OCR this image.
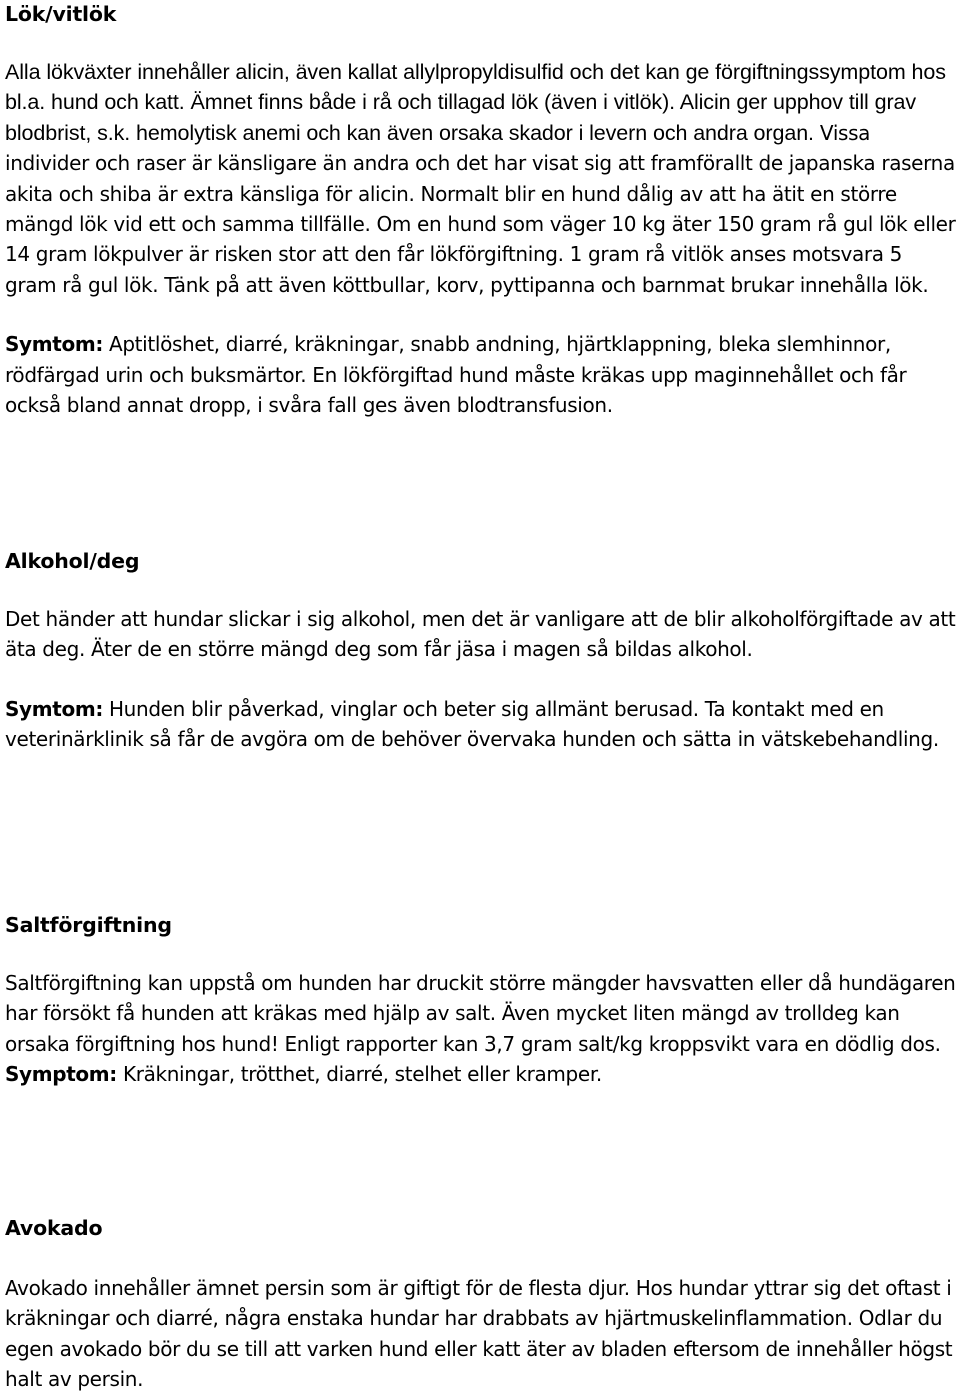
Lök/vitlök

Alla lökväxter innehåller alicin, även kallat allylpropyldisulfid och det kan ge förgiftningssymptom hos bl.a. hund och katt. Ämnet finns både i rå och tillagad lök (även i vitlök). Alicin ger upphov till grav blodbrist, s.k. hemolytisk anemi och kan även orsaka skador i levern och andra organ. Vissa individer och raser är känsligare än andra och det har visat sig att framförallt de japanska raserna akita och shiba är extra känsliga för alicin. Normalt blir en hund dålig av att ha ätit en större mängd lök vid ett och samma tillfälle. Om en hund som väger 10 kg äter 150 gram rå gul lök eller 14 gram lökpulver är risken stor att den får lökförgiftning. 1 gram rå vitlök anses motsvara 5 gram rå gul lök. Tänk på att även köttbullar, korv, pyttipanna och barnmat brukar innehålla lök.

Symtom: Aptitlöshet, diarré, kräkningar, snabb andning, hjärtklappning, bleka slemhinnor, rödfärgad urin och buksmärtor. En lökförgiftad hund måste kräkas upp maginnehållet och får också bland annat dropp, i svåra fall ges även blodtransfusion.

Alkohol/deg

Det händer att hundar slickar i sig alkohol, men det är vanligare att de blir alkoholförgiftade av att äta deg. Äter de en större mängd deg som får jäsa i magen så bildas alkohol.

Symtom: Hunden blir påverkad, vinglar och beter sig allmänt berusad. Ta kontakt med en veterinärklinik så får de avgöra om de behöver övervaka hunden och sätta in vätskebehandling.

Saltförgiftning

Saltförgiftning kan uppstå om hunden har druckit större mängder havsvatten eller då hundägaren har försökt få hunden att kräkas med hjälp av salt. Även mycket liten mängd av trolldeg kan orsaka förgiftning hos hund! Enligt rapporter kan 3,7 gram salt/kg kroppsvikt vara en dödlig dos.

Symptom: Kräkningar, trötthet, diarré, stelhet eller kramper.

Avokado

Avokado innehåller ämnet persin som är giftigt för de flesta djur. Hos hundar yttrar sig det oftast i kräkningar och diarré, några enstaka hundar har drabbats av hjärtmuskelinflammation. Odlar du egen avokado bör du se till att varken hund eller katt äter av bladen eftersom de innehåller högst halt av persin.
